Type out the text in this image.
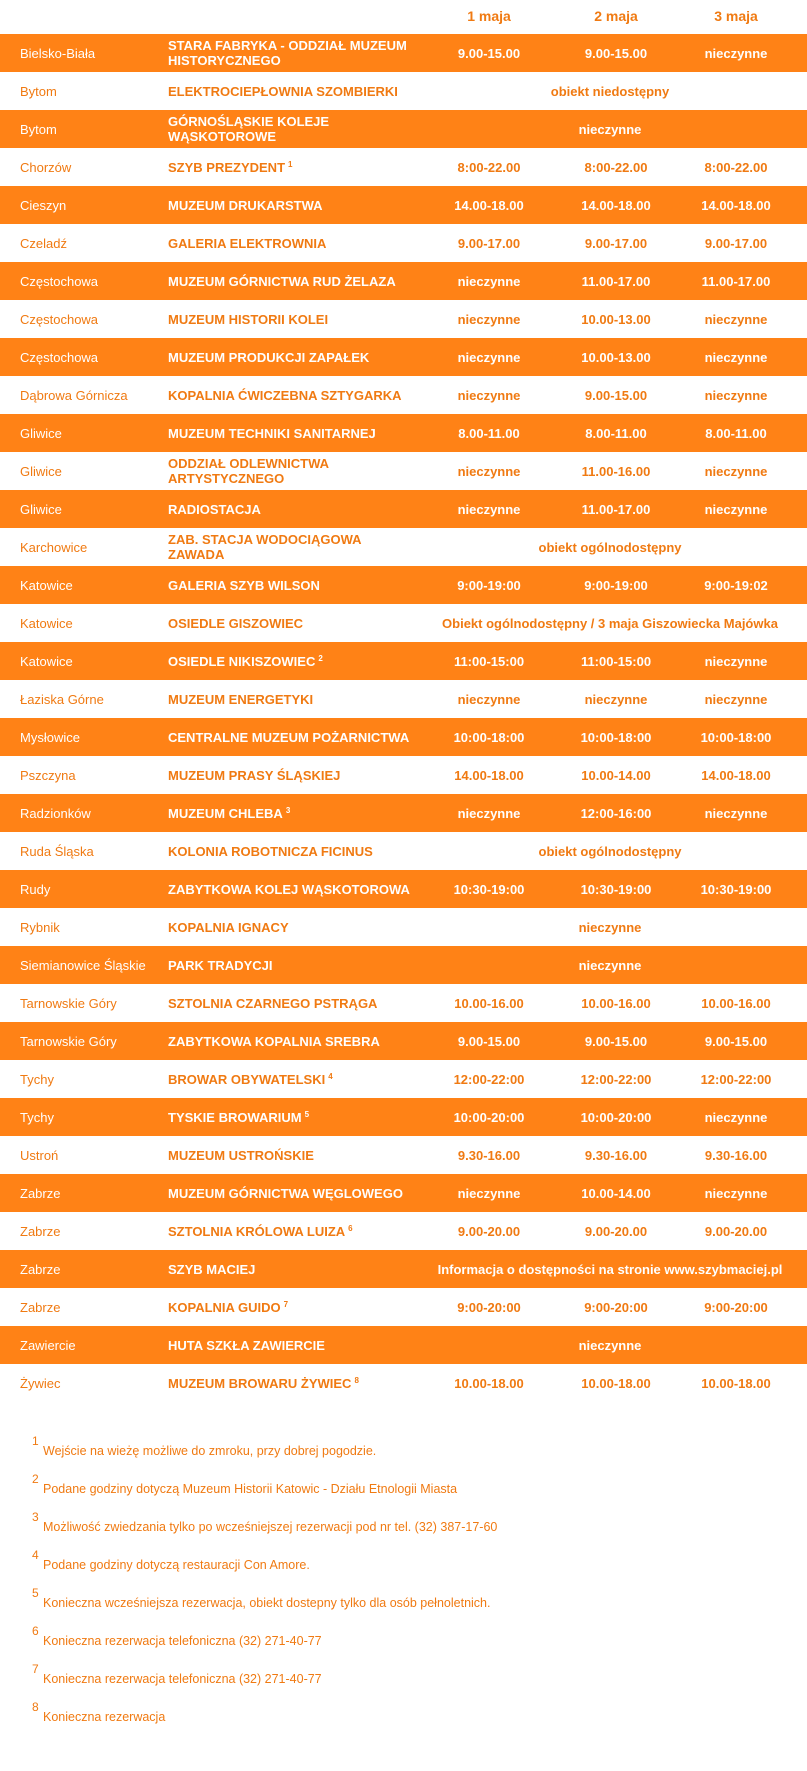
1 maja	2 maja	3 maja
Bielsko-Biała	STARA FABRYKA - ODDZIAŁ MUZEUM HISTORYCZNEGO	9.00-15.00	9.00-15.00	nieczynne
Bytom	ELEKTROCIEPŁOWNIA SZOMBIERKI	obiekt niedostępny
Bytom	GÓRNOŚLĄSKIE KOLEJE WĄSKOTOROWE	nieczynne
Chorzów	SZYB PREZYDENT $^1$	8:00-22.00	8:00-22.00	8:00-22.00
Cieszyn	MUZEUM DRUKARSTWA	14.00-18.00	14.00-18.00	14.00-18.00
Czeladź	GALERIA ELEKTROWNIA	9.00-17.00	9.00-17.00	9.00-17.00
Częstochowa	MUZEUM GÓRNICTWA RUD ŻELAZA	nieczynne	11.00-17.00	11.00-17.00
Częstochowa	MUZEUM HISTORII KOLEI	nieczynne	10.00-13.00	nieczynne
Częstochowa	MUZEUM PRODUKCJI ZAPAŁEK	nieczynne	10.00-13.00	nieczynne
Dąbrowa Górnicza	KOPALNIA ĆWICZEBNA SZTYGARKA	nieczynne	9.00-15.00	nieczynne
Gliwice	MUZEUM TECHNIKI SANITARNEJ	8.00-11.00	8.00-11.00	8.00-11.00
Gliwice	ODDZIAŁ ODLEWNICTWA ARTYSTYCZNEGO	nieczynne	11.00-16.00	nieczynne
Gliwice	RADIOSTACJA	nieczynne	11.00-17.00	nieczynne
Karchowice	ZAB. STACJA WODOCIĄGOWA ZAWADA	obiekt ogólnodostępny
Katowice	GALERIA SZYB WILSON	9:00-19:00	9:00-19:00	9:00-19:02
Katowice	OSIEDLE GISZOWIEC	Obiekt ogólnodostępny / 3 maja Giszowiecka Majówka
Katowice	OSIEDLE NIKISZOWIEC $^2$	11:00-15:00	11:00-15:00	nieczynne
Łaziska Górne	MUZEUM ENERGETYKI	nieczynne	nieczynne	nieczynne
Mysłowice	CENTRALNE MUZEUM POŻARNICTWA	10:00-18:00	10:00-18:00	10:00-18:00
Pszczyna	MUZEUM PRASY ŚLĄSKIEJ	14.00-18.00	10.00-14.00	14.00-18.00
Radzionków	MUZEUM CHLEBA $^3$	nieczynne	12:00-16:00	nieczynne
Ruda Śląska	KOLONIA ROBOTNICZA FICINUS	obiekt ogólnodostępny
Rudy	ZABYTKOWA KOLEJ WĄSKOTOROWA	10:30-19:00	10:30-19:00	10:30-19:00
Rybnik	KOPALNIA IGNACY	nieczynne
Siemianowice Śląskie	PARK TRADYCJI	nieczynne
Tarnowskie Góry	SZTOLNIA CZARNEGO PSTRĄGA	10.00-16.00	10.00-16.00	10.00-16.00
Tarnowskie Góry	ZABYTKOWA KOPALNIA SREBRA	9.00-15.00	9.00-15.00	9.00-15.00
Tychy	BROWAR OBYWATELSKI $^4$	12:00-22:00	12:00-22:00	12:00-22:00
Tychy	TYSKIE BROWARIUM $^5$	10:00-20:00	10:00-20:00	nieczynne
Ustroń	MUZEUM USTROŃSKIE	9.30-16.00	9.30-16.00	9.30-16.00
Zabrze	MUZEUM GÓRNICTWA WĘGLOWEGO	nieczynne	10.00-14.00	nieczynne
Zabrze	SZTOLNIA KRÓLOWA LUIZA $^6$	9.00-20.00	9.00-20.00	9.00-20.00
Zabrze	SZYB MACIEJ	Informacja o dostępności na stronie www.szybmaciej.pl
Zabrze	KOPALNIA GUIDO $^7$	9:00-20:00	9:00-20:00	9:00-20:00
Zawiercie	HUTA SZKŁA ZAWIERCIE	nieczynne
Żywiec	MUZEUM BROWARU ŻYWIEC $^8$	10.00-18.00	10.00-18.00	10.00-18.00
1
Wejście na wieżę możliwe do zmroku, przy dobrej pogodzie.
2
Podane godziny dotyczą Muzeum Historii Katowic - Działu Etnologii Miasta
3
Możliwość zwiedzania tylko po wcześniejszej rezerwacji pod nr tel. (32) 387-17-60
4
Podane godziny dotyczą restauracji Con Amore.
5
Konieczna wcześniejsza rezerwacja, obiekt dostepny tylko dla osób pełnoletnich.
6
Konieczna rezerwacja telefoniczna (32) 271-40-77
7
Konieczna rezerwacja telefoniczna (32) 271-40-77
8
Konieczna rezerwacja
